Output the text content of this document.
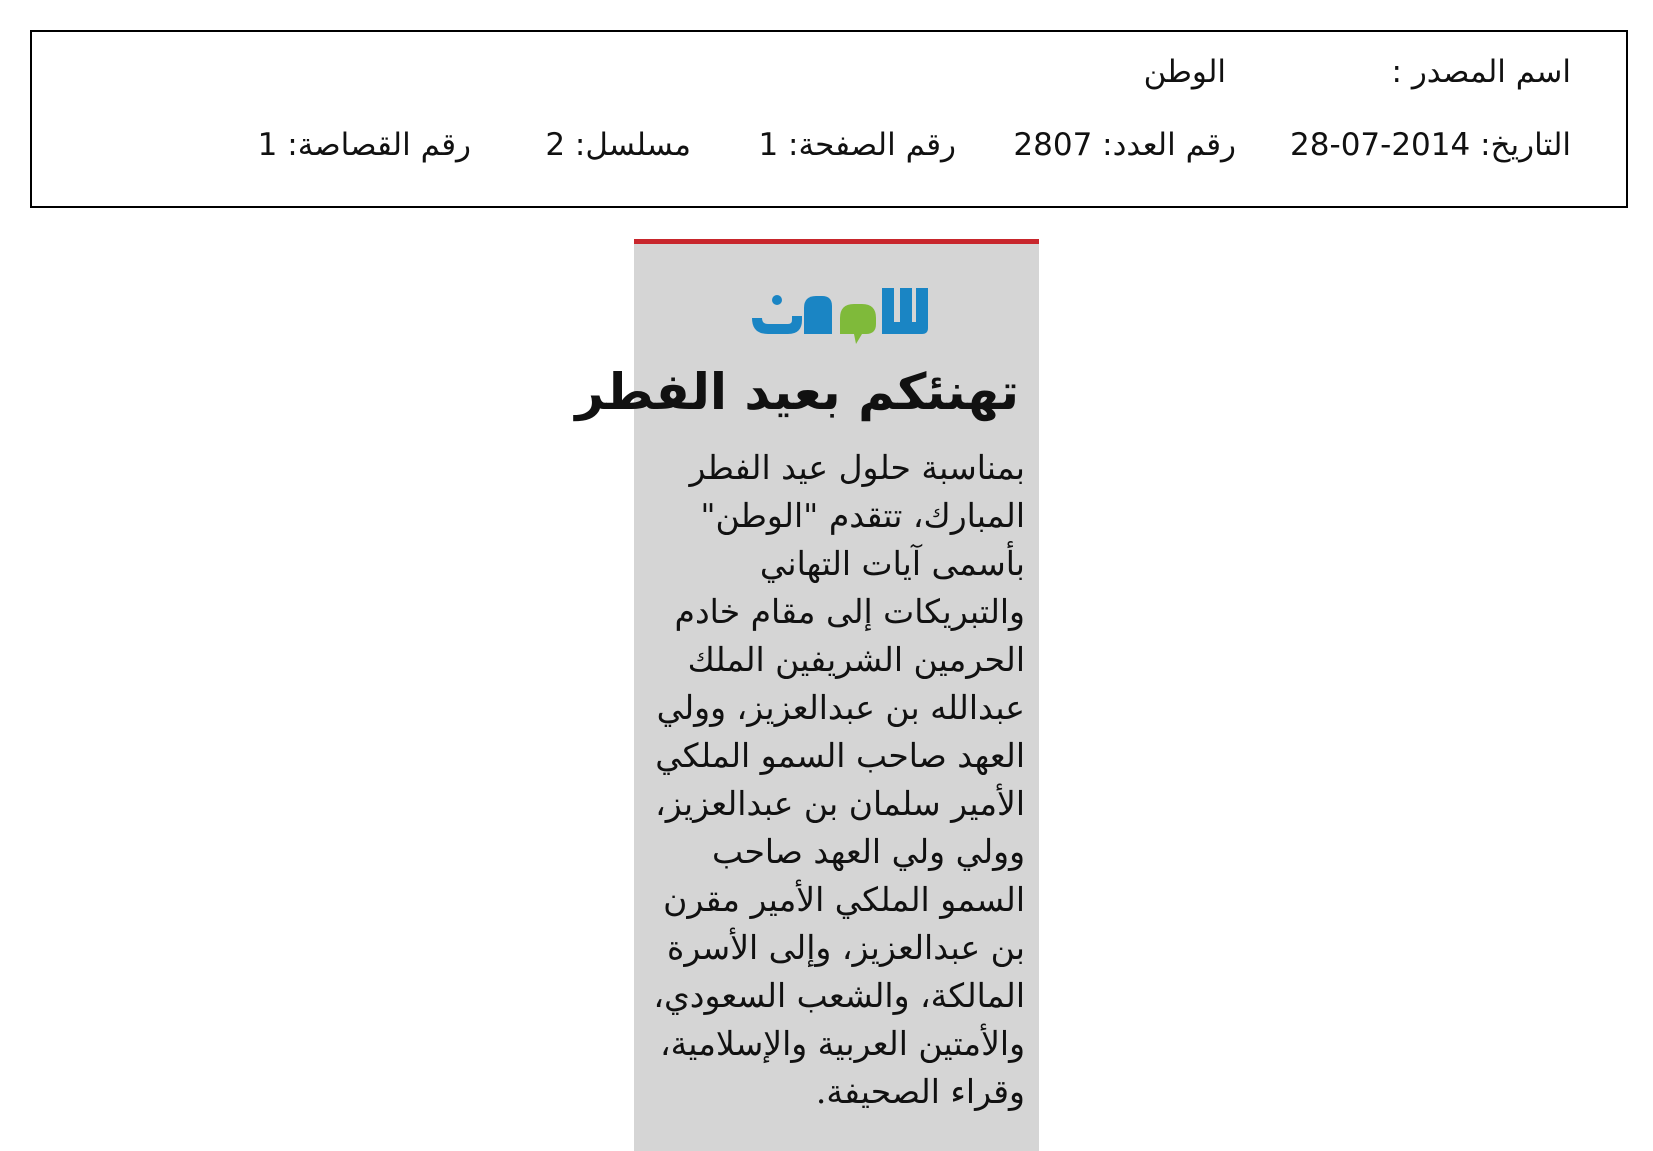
اسم المصدر :
الوطن
التاريخ: 2014-07-28
رقم العدد: 2807
رقم الصفحة: 1
مسلسل: 2
رقم القصاصة: 1
تهنئكم بعيد الفطر
بمناسبة حلول عيد الفطر
المبارك، تتقدم "الوطن"
بأسمى آيات التهاني
والتبريكات إلى مقام خادم
الحرمين الشريفين الملك
عبدالله بن عبدالعزيز، وولي
العهد صاحب السمو الملكي
الأمير سلمان بن عبدالعزيز،
وولي ولي العهد صاحب
السمو الملكي الأمير مقرن
بن عبدالعزيز، وإلى الأسرة
المالكة، والشعب السعودي،
والأمتين العربية والإسلامية،
وقراء الصحيفة.
